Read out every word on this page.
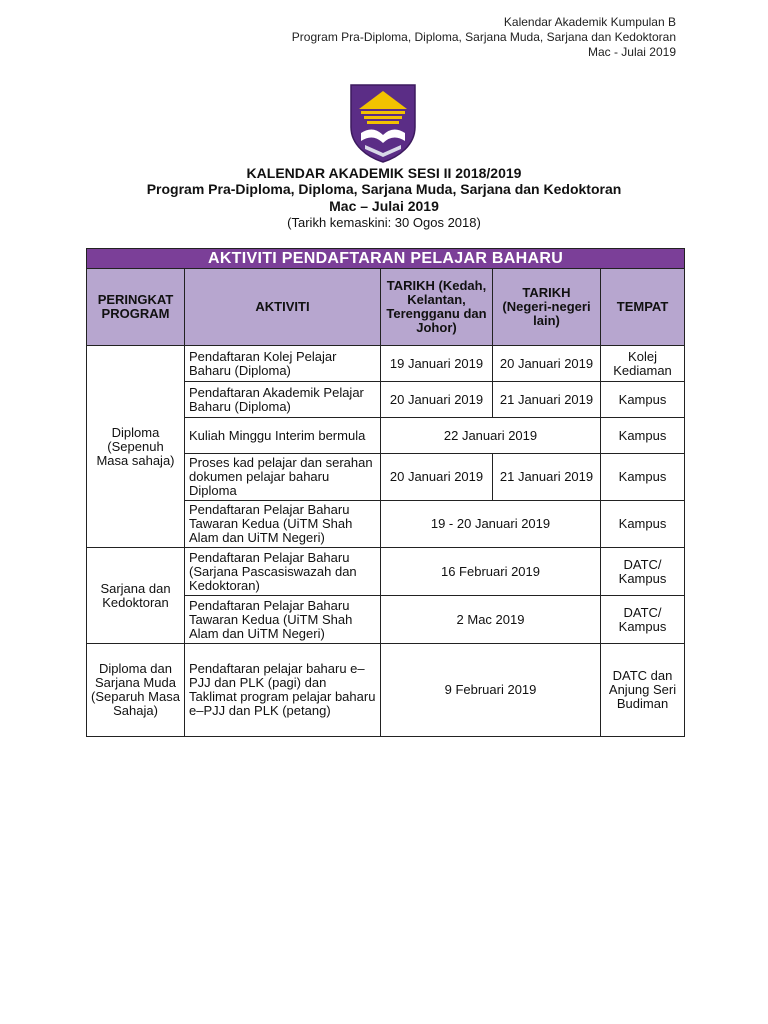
Kalendar Akademik Kumpulan B
Program Pra-Diploma, Diploma, Sarjana Muda, Sarjana dan Kedoktoran
Mac - Julai 2019
KALENDAR AKADEMIK SESI II 2018/2019
Program Pra-Diploma, Diploma, Sarjana Muda, Sarjana dan Kedoktoran
Mac – Julai 2019
(Tarikh kemaskini: 30 Ogos 2018)
AKTIVITI PENDAFTARAN PELAJAR BAHARU				
PERINGKAT PROGRAM	AKTIVITI	TARIKH (Kedah, Kelantan, Terengganu dan Johor)	TARIKH (Negeri-negeri lain)	TEMPAT
Diploma (Sepenuh Masa sahaja)	Pendaftaran Kolej Pelajar Baharu (Diploma)	19 Januari 2019	20 Januari 2019	Kolej Kediaman
	Pendaftaran Akademik Pelajar Baharu (Diploma)	20 Januari 2019	21 Januari 2019	Kampus
	Kuliah Minggu Interim bermula	22 Januari 2019		Kampus
	Proses kad pelajar dan serahan dokumen pelajar baharu Diploma	20 Januari 2019	21 Januari 2019	Kampus
	Pendaftaran Pelajar Baharu Tawaran Kedua (UiTM Shah Alam dan UiTM Negeri)	19 - 20 Januari 2019		Kampus
Sarjana dan Kedoktoran	Pendaftaran Pelajar Baharu (Sarjana Pascasiswazah dan Kedoktoran)	16 Februari 2019		DATC/ Kampus
	Pendaftaran Pelajar Baharu Tawaran Kedua (UiTM Shah Alam dan UiTM Negeri)	2 Mac 2019		DATC/ Kampus
Diploma dan Sarjana Muda (Separuh Masa Sahaja)	Pendaftaran pelajar baharu e–PJJ dan PLK (pagi) dan Taklimat program pelajar baharu e–PJJ dan PLK (petang)	9 Februari 2019		DATC dan Anjung Seri Budiman
